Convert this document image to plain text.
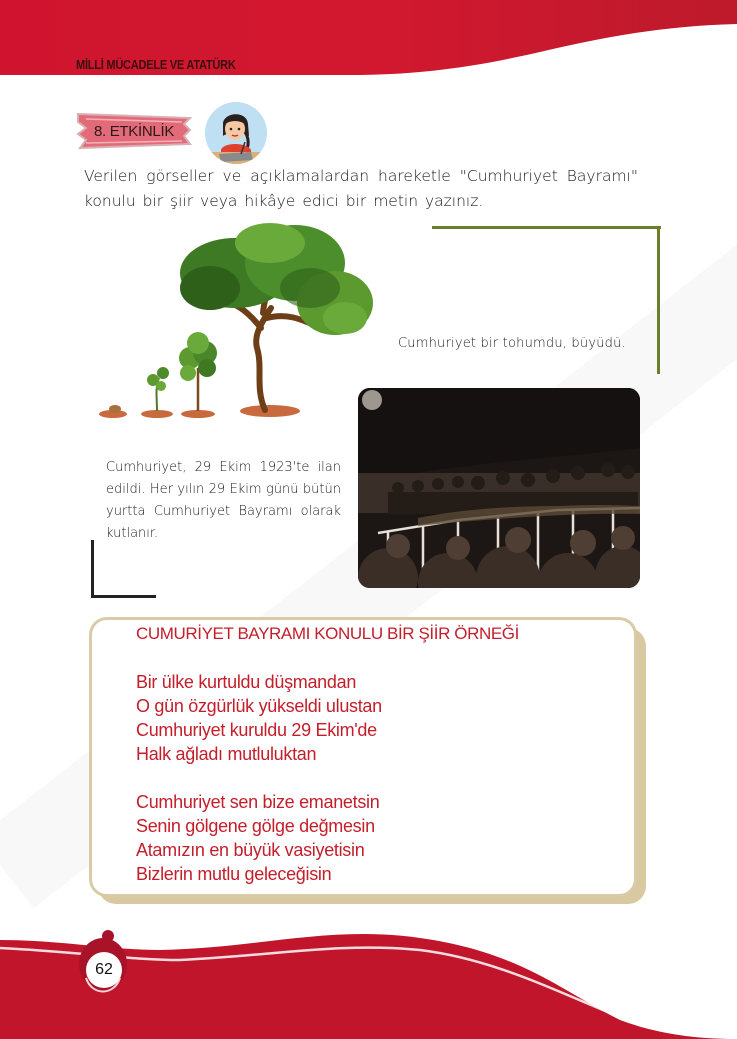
MİLLİ MÜCADELE VE ATATÜRK
8. ETKİNLİK

Verilen görseller ve açıklamalardan hareketle "Cumhuriyet Bayramı" konulu bir şiir veya hikâye edici bir metin yazınız.

Cumhuriyet bir tohumdu, büyüdü.

Cumhuriyet, 29 Ekim 1923'te ilan edildi. Her yılın 29 Ekim günü bütün yurtta Cumhuriyet Bayramı olarak kutlanır.

CUMURİYET BAYRAMI KONULU BİR ŞİİR ÖRNEĞİ
Bir ülke kurtuldu düşmandan
O gün özgürlük yükseldi ulustan
Cumhuriyet kuruldu 29 Ekim'de
Halk ağladı mutluluktan
Cumhuriyet sen bize emanetsin
Senin gölgene gölge değmesin
Atamızın en büyük vasiyetisin
Bizlerin mutlu geleceğisin
62
